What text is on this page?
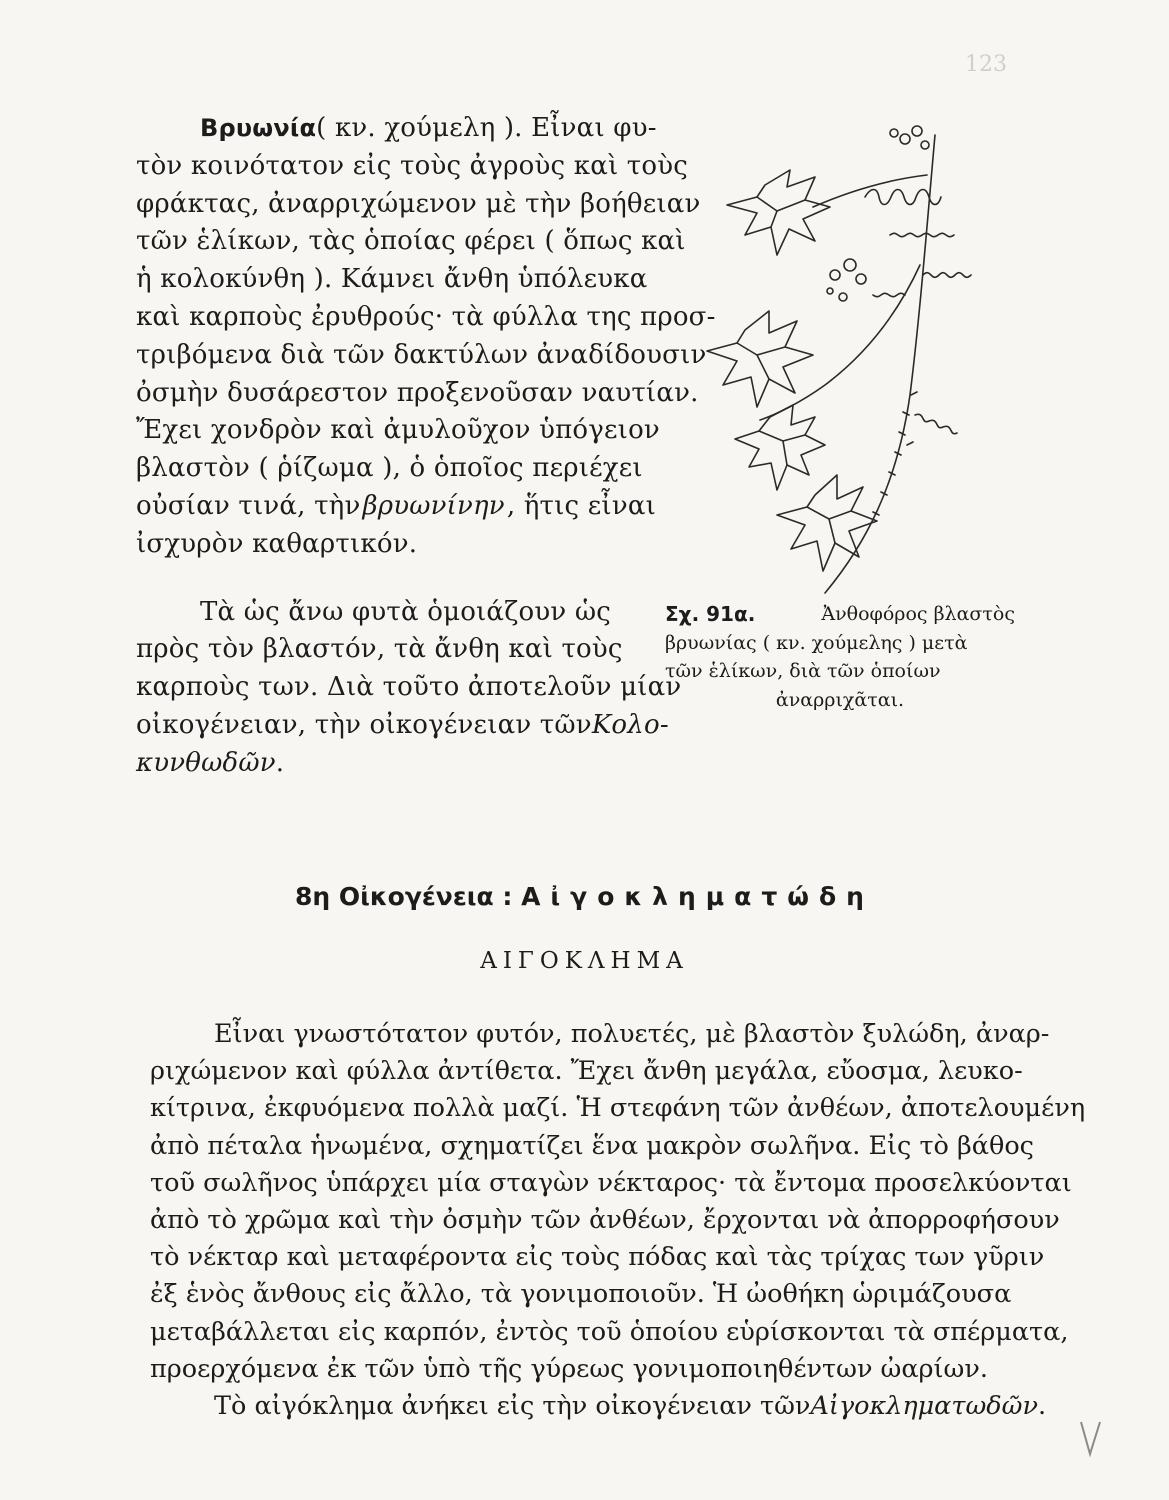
123
Βρυωνία ( κν. χούμελη ). Εἶναι φυ-
τὸν κοινότατον εἰς τοὺς ἀγροὺς καὶ τοὺς
φράκτας, ἀναρριχώμενον μὲ τὴν βοήθειαν
τῶν ἑλίκων, τὰς ὁποίας φέρει ( ὅπως καὶ
ἡ κολοκύνθη ). Κάμνει ἄνθη ὑπόλευκα
καὶ καρποὺς ἐρυθρούς· τὰ φύλλα της προσ-
τριβόμενα διὰ τῶν δακτύλων ἀναδίδουσιν
ὀσμὴν δυσάρεστον προξενοῦσαν ναυτίαν.
Ἔχει χονδρὸν καὶ ἀμυλοῦχον ὑπόγειον
βλαστὸν ( ῥίζωμα ), ὁ ὁποῖος περιέχει
οὐσίαν τινά, τὴν βρυωνίνην , ἥτις εἶναι
ἰσχυρὸν καθαρτικόν.
Τὰ ὡς ἄνω φυτὰ ὁμοιάζουν ὡς
πρὸς τὸν βλαστόν, τὰ ἄνθη καὶ τοὺς
καρποὺς των. Διὰ τοῦτο ἀποτελοῦν μίαν
οἰκογένειαν, τὴν οἰκογένειαν τῶν Κολο-
κυνθωδῶν .
Σχ. 91α.	Ἀνθοφόρος βλαστὸς
βρυωνίας ( κν. χούμελης ) μετὰ
τῶν ἑλίκων, διὰ τῶν ὁποίων
ἀναρριχᾶται.
8η Οἰκογένεια : Αἰγοκληματώδη
ΑΙΓΟΚΛΗΜΑ
Εἶναι γνωστότατον φυτόν, πολυετές, μὲ βλαστὸν ξυλώδη, ἀναρ-
ριχώμενον καὶ φύλλα ἀντίθετα. Ἔχει ἄνθη μεγάλα, εὔοσμα, λευκο-
κίτρινα, ἐκφυόμενα πολλὰ μαζί. Ἡ στεφάνη τῶν ἀνθέων, ἀποτελουμένη
ἀπὸ πέταλα ἡνωμένα, σχηματίζει ἕνα μακρὸν σωλῆνα. Εἰς τὸ βάθος
τοῦ σωλῆνος ὑπάρχει μία σταγὼν νέκταρος· τὰ ἔντομα προσελκύονται
ἀπὸ τὸ χρῶμα καὶ τὴν ὀσμὴν τῶν ἀνθέων, ἔρχονται νὰ ἀπορροφήσουν
τὸ νέκταρ καὶ μεταφέροντα εἰς τοὺς πόδας καὶ τὰς τρίχας των γῦριν
ἐξ ἑνὸς ἄνθους εἰς ἄλλο, τὰ γονιμοποιοῦν. Ἡ ὠοθήκη ὡριμάζουσα
μεταβάλλεται εἰς καρπόν, ἐντὸς τοῦ ὁποίου εὑρίσκονται τὰ σπέρματα,
προερχόμενα ἐκ τῶν ὑπὸ τῆς γύρεως γονιμοποιηθέντων ὠαρίων.
Τὸ αἰγόκλημα ἀνήκει εἰς τὴν οἰκογένειαν τῶν Αἰγοκληματωδῶν .
